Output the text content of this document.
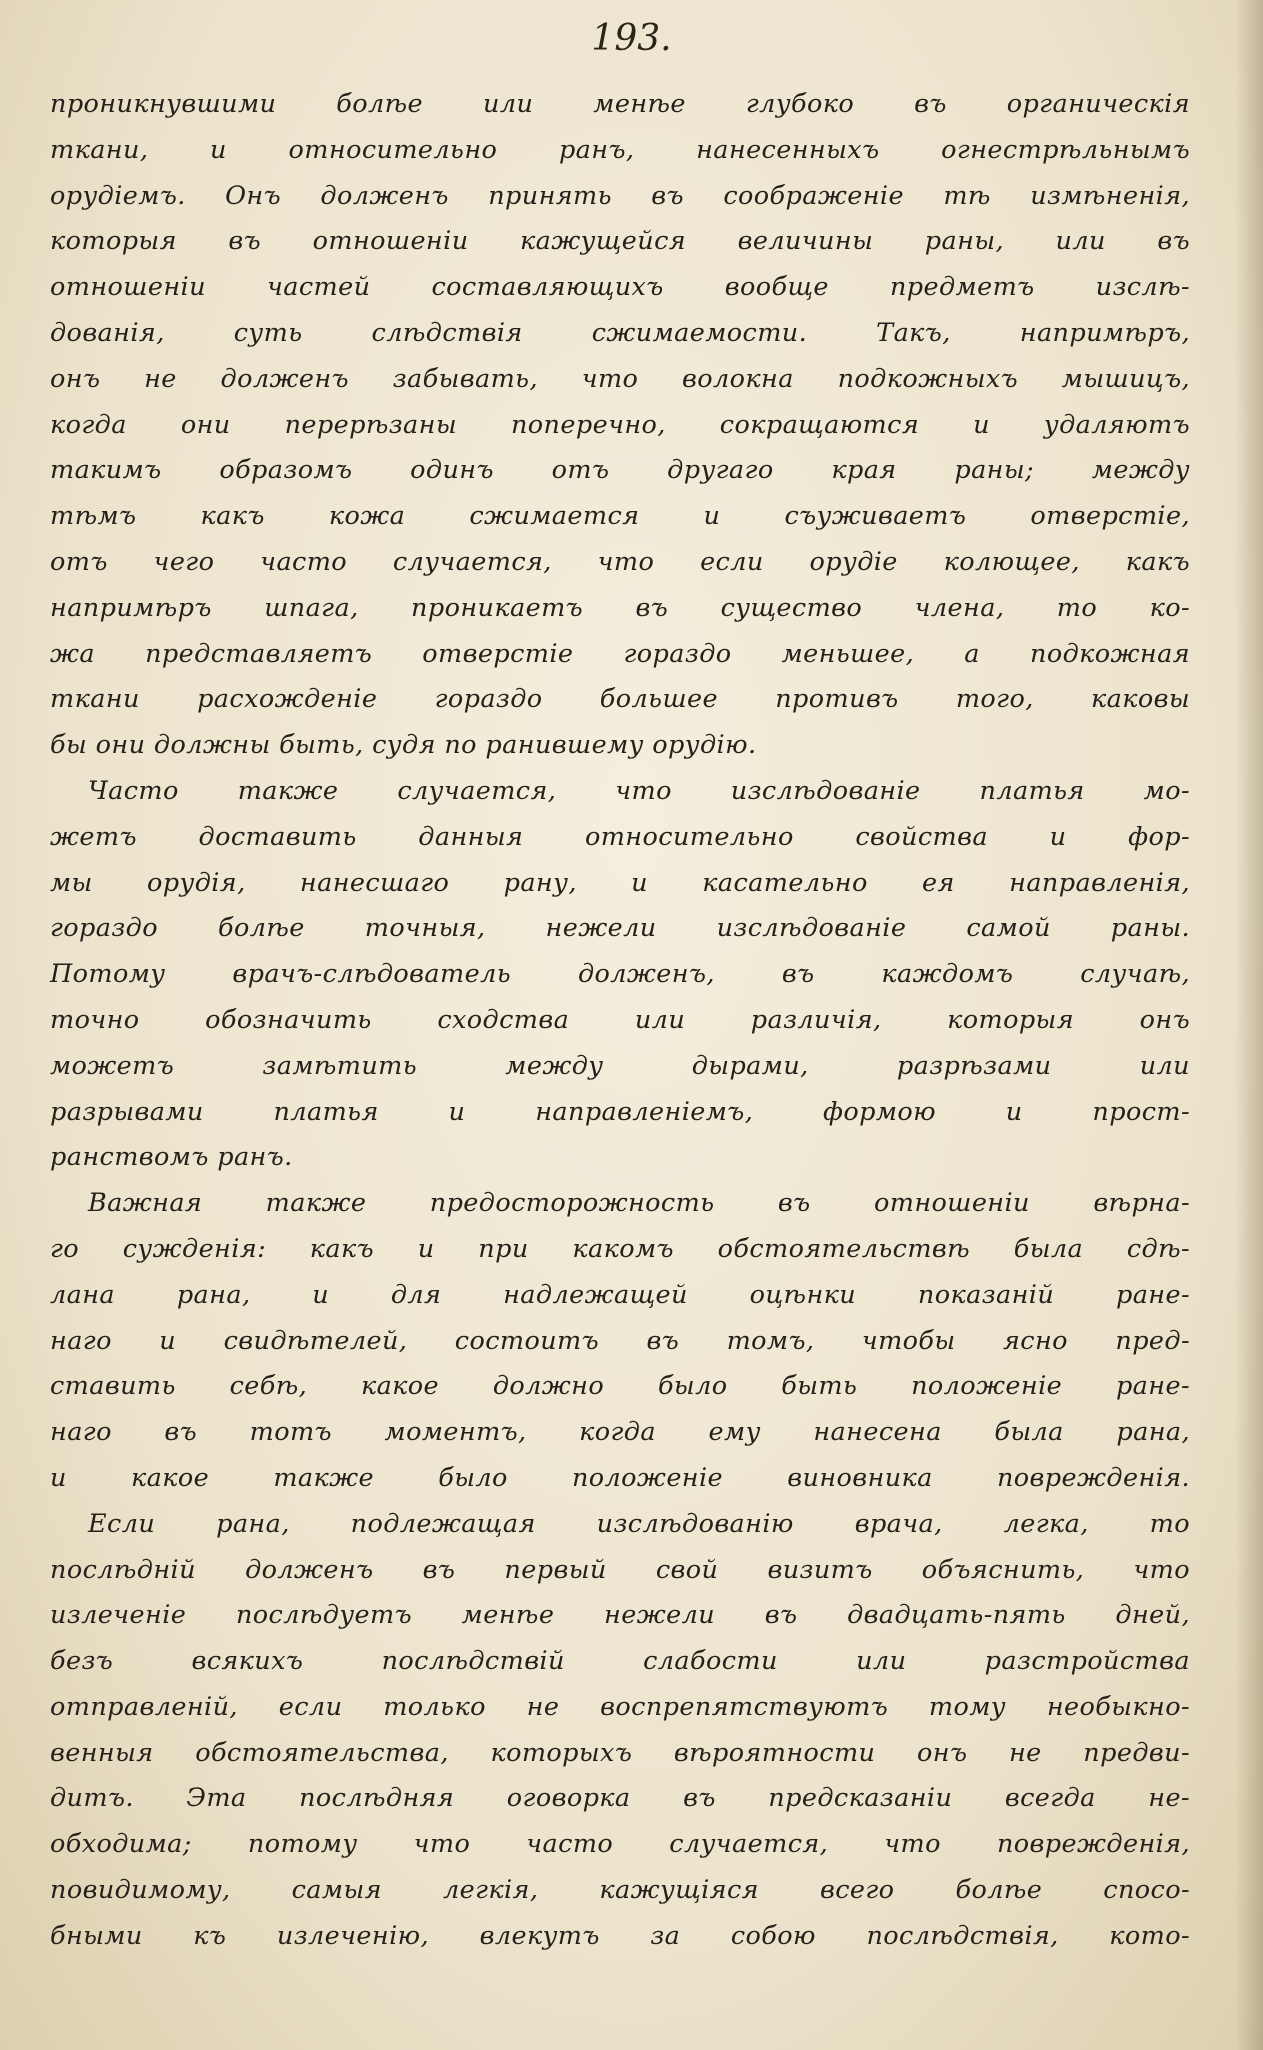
193.
проникнувшими болѣе или менѣе глубоко въ органическія
ткани, и относительно ранъ, нанесенныхъ огнестрѣльнымъ
орудіемъ. Онъ долженъ принять въ соображеніе тѣ измѣненія,
которыя въ отношеніи кажущейся величины раны, или въ
отношеніи частей составляющихъ вообще предметъ изслѣ-
дованія, суть слѣдствія сжимаемости. Такъ, напримѣръ,
онъ не долженъ забывать, что волокна подкожныхъ мышицъ,
когда они перерѣзаны поперечно, сокращаются и удаляютъ
такимъ образомъ одинъ отъ другаго края раны; между
тѣмъ какъ кожа сжимается и съуживаетъ отверстіе,
отъ чего часто случается, что если орудіе колющее, какъ
напримѣръ шпага, проникаетъ въ существо члена, то ко-
жа представляетъ отверстіе гораздо меньшее, а подкожная
ткани расхожденіе гораздо большее противъ того, каковы
бы они должны быть, судя по ранившему орудію.
Часто также случается, что изслѣдованіе платья мо-
жетъ доставить данныя относительно свойства и фор-
мы орудія, нанесшаго рану, и касательно ея направленія,
гораздо болѣе точныя, нежели изслѣдованіе самой раны.
Потому врачъ-слѣдователь долженъ, въ каждомъ случаѣ,
точно обозначить сходства или различія, которыя онъ
можетъ замѣтить между дырами, разрѣзами или
разрывами платья и направленіемъ, формою и прост-
ранствомъ ранъ.
Важная также предосторожность въ отношеніи вѣрна-
го сужденія: какъ и при какомъ обстоятельствѣ была сдѣ-
лана рана, и для надлежащей оцѣнки показаній ране-
наго и свидѣтелей, состоитъ въ томъ, чтобы ясно пред-
ставить себѣ, какое должно было быть положеніе ране-
наго въ тотъ моментъ, когда ему нанесена была рана,
и какое также было положеніе виновника поврежденія.
Если рана, подлежащая изслѣдованію врача, легка, то
послѣдній долженъ въ первый свой визитъ объяснить, что
излеченіе послѣдуетъ менѣе нежели въ двадцать-пять дней,
безъ всякихъ послѣдствій слабости или разстройства
отправленій, если только не воспрепятствуютъ тому необыкно-
венныя обстоятельства, которыхъ вѣроятности онъ не предви-
дитъ. Эта послѣдняя оговорка въ предсказаніи всегда не-
обходима; потому что часто случается, что поврежденія,
повидимому, самыя легкія, кажущіяся всего болѣе спосо-
бными къ излеченію, влекутъ за собою послѣдствія, кото-
